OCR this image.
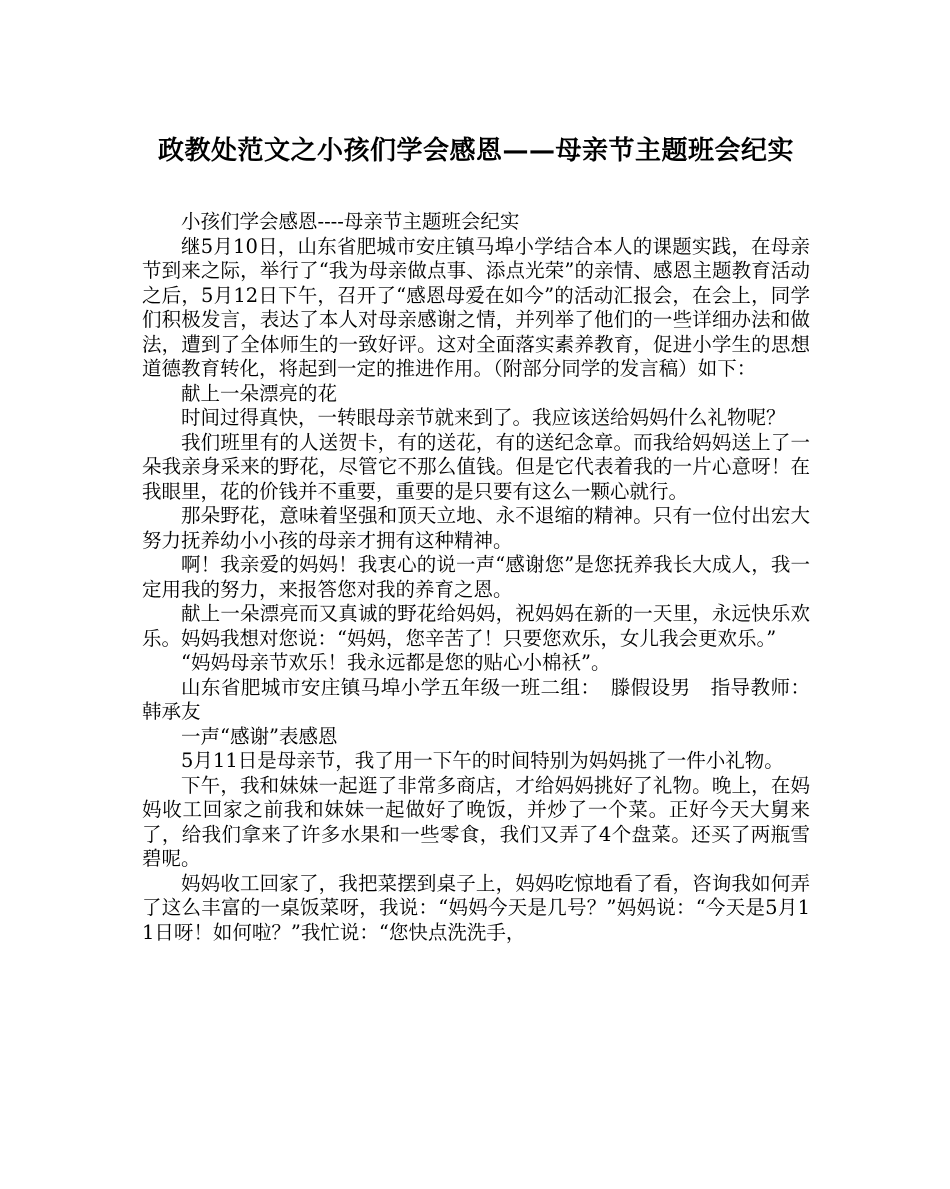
政教处范文之小孩们学会感恩——母亲节主题班会纪实

小孩们学会感恩----母亲节主题班会纪实

继5月10日，山东省肥城市安庄镇马埠小学结合本人的课题实践，在母亲节到来之际，举行了“我为母亲做点事、添点光荣”的亲情、感恩主题教育活动之后，5月12日下午，召开了“感恩母爱在如今”的活动汇报会，在会上，同学们积极发言，表达了本人对母亲感谢之情，并列举了他们的一些详细办法和做法，遭到了全体师生的一致好评。这对全面落实素养教育，促进小学生的思想道德教育转化，将起到一定的推进作用。（附部分同学的发言稿）如下：

献上一朵漂亮的花

时间过得真快，一转眼母亲节就来到了。我应该送给妈妈什么礼物呢？

我们班里有的人送贺卡，有的送花，有的送纪念章。而我给妈妈送上了一朵我亲身采来的野花，尽管它不那么值钱。但是它代表着我的一片心意呀！在我眼里，花的价钱并不重要，重要的是只要有这么一颗心就行。

那朵野花，意味着坚强和顶天立地、永不退缩的精神。只有一位付出宏大努力抚养幼小小孩的母亲才拥有这种精神。

啊！我亲爱的妈妈！我衷心的说一声“感谢您”是您抚养我长大成人，我一定用我的努力，来报答您对我的养育之恩。

献上一朵漂亮而又真诚的野花给妈妈，祝妈妈在新的一天里，永远快乐欢乐。妈妈我想对您说：“妈妈，您辛苦了！只要您欢乐，女儿我会更欢乐。”

“妈妈母亲节欢乐！我永远都是您的贴心小棉袄”。

山东省肥城市安庄镇马埠小学五年级一班二组：　滕假设男　指导教师：韩承友

一声“感谢”表感恩

5月11日是母亲节，我了用一下午的时间特别为妈妈挑了一件小礼物。

下午，我和妹妹一起逛了非常多商店，才给妈妈挑好了礼物。晚上，在妈妈收工回家之前我和妹妹一起做好了晚饭，并炒了一个菜。正好今天大舅来了，给我们拿来了许多水果和一些零食，我们又弄了4个盘菜。还买了两瓶雪碧呢。

妈妈收工回家了，我把菜摆到桌子上，妈妈吃惊地看了看，咨询我如何弄了这么丰富的一桌饭菜呀，我说：“妈妈今天是几号？”妈妈说：“今天是5月11日呀！如何啦？”我忙说：“您快点洗洗手，
